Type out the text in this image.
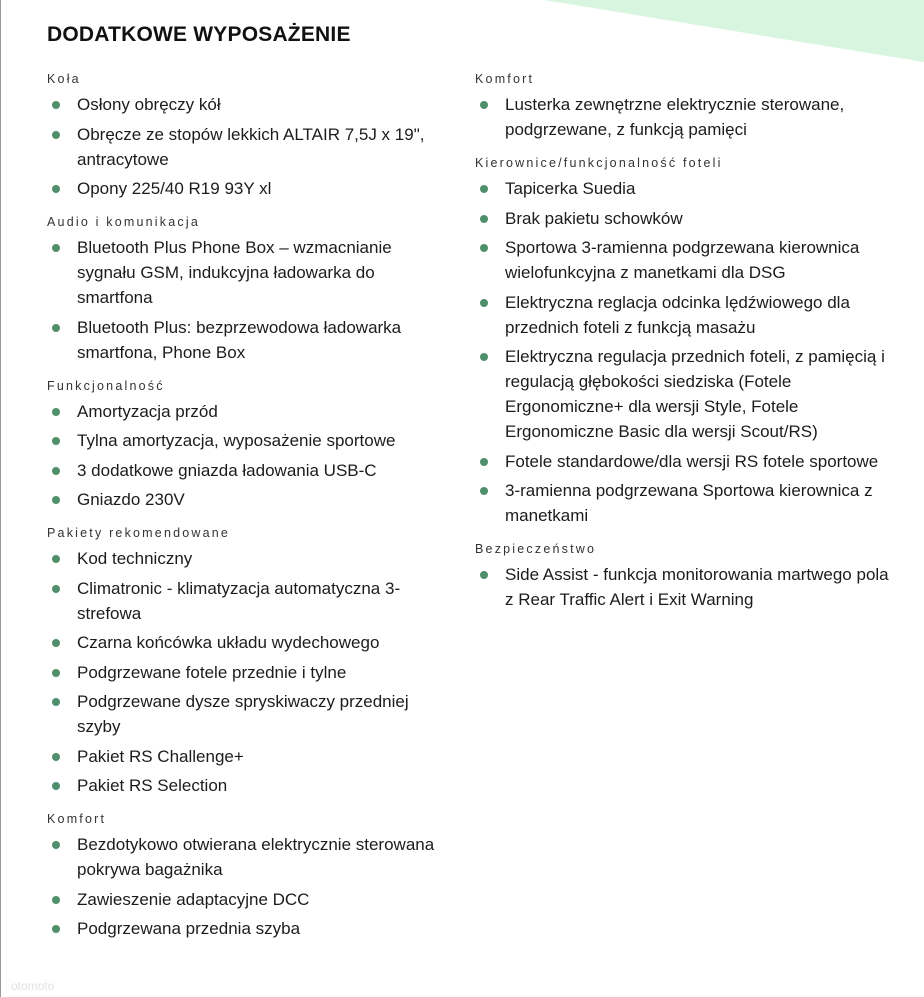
DODATKOWE WYPOSAŻENIE
Koła
Osłony obręczy kół
Obręcze ze stopów lekkich ALTAIR 7,5J x 19", antracytowe
Opony 225/40 R19 93Y xl
Audio i komunikacja
Bluetooth Plus Phone Box – wzmacnianie sygnału GSM, indukcyjna ładowarka do smartfona
Bluetooth Plus: bezprzewodowa ładowarka smartfona, Phone Box
Funkcjonalność
Amortyzacja przód
Tylna amortyzacja, wyposażenie sportowe
3 dodatkowe gniazda ładowania USB-C
Gniazdo 230V
Pakiety rekomendowane
Kod techniczny
Climatronic - klimatyzacja automatyczna 3-strefowa
Czarna końcówka układu wydechowego
Podgrzewane fotele przednie i tylne
Podgrzewane dysze spryskiwaczy przedniej szyby
Pakiet RS Challenge+
Pakiet RS Selection
Komfort
Bezdotykowo otwierana elektrycznie sterowana pokrywa bagażnika
Zawieszenie adaptacyjne DCC
Podgrzewana przednia szyba
Komfort
Lusterka zewnętrzne elektrycznie sterowane, podgrzewane, z funkcją pamięci
Kierownice/funkcjonalność foteli
Tapicerka Suedia
Brak pakietu schowków
Sportowa 3-ramienna podgrzewana kierownica wielofunkcyjna z manetkami dla DSG
Elektryczna reglacja odcinka lędźwiowego dla przednich foteli z funkcją masażu
Elektryczna regulacja przednich foteli, z pamięcią i regulacją głębokości siedziska (Fotele Ergonomiczne+ dla wersji Style, Fotele Ergonomiczne Basic dla wersji Scout/RS)
Fotele standardowe/dla wersji RS fotele sportowe
3-ramienna podgrzewana Sportowa kierownica z manetkami
Bezpieczeństwo
Side Assist - funkcja monitorowania martwego pola z Rear Traffic Alert i Exit Warning
otomoto
